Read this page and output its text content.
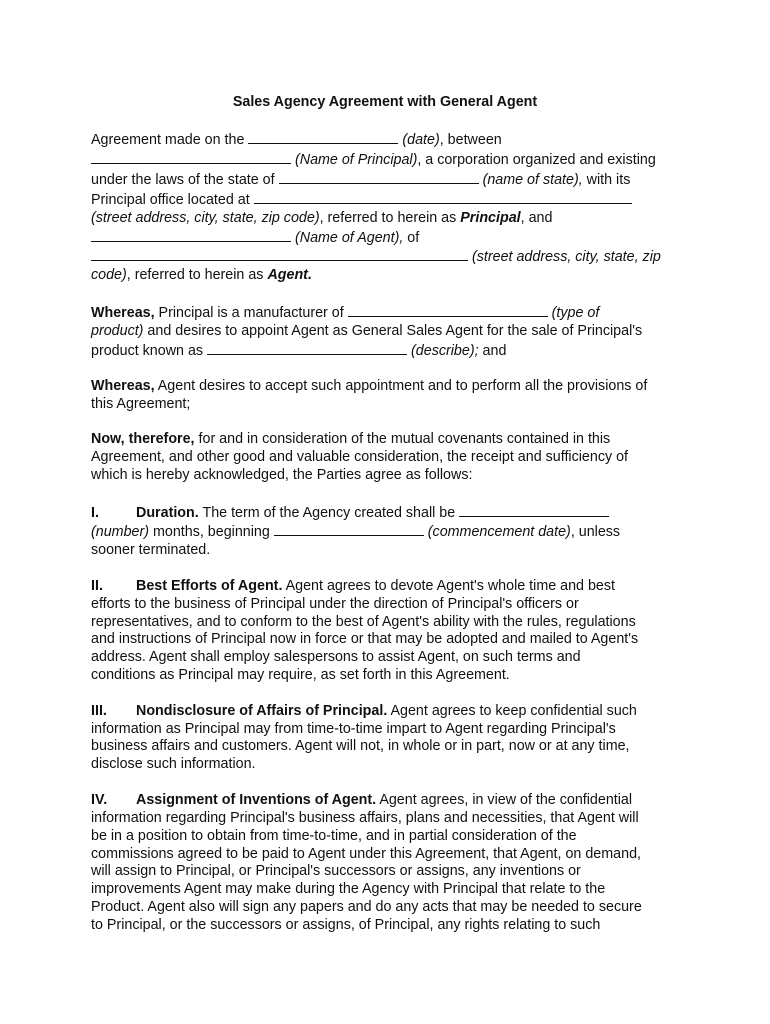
Sales Agency Agreement with General Agent
Agreement made on the	(date), between
(Name of Principal), a corporation organized and existing
under the laws of the state of	(name of state), with its
Principal office located at
(street address, city, state, zip code), referred to herein as Principal, and
(Name of Agent), of
(street address, city, state, zip
code), referred to herein as Agent.
Whereas, Principal is a manufacturer of	(type of
product) and desires to appoint Agent as General Sales Agent for the sale of Principal's
product known as	(describe); and
Whereas, Agent desires to accept such appointment and to perform all the provisions of
this Agreement;
Now, therefore, for and in consideration of the mutual covenants contained in this
Agreement, and other good and valuable consideration, the receipt and sufficiency of
which is hereby acknowledged, the Parties agree as follows:
I.	Duration. The term of the Agency created shall be
(number) months, beginning	(commencement date), unless
sooner terminated.
II. Best Efforts of Agent. Agent agrees to devote Agent's whole time and best
efforts to the business of Principal under the direction of Principal's officers or
representatives, and to conform to the best of Agent's ability with the rules, regulations
and instructions of Principal now in force or that may be adopted and mailed to Agent's
address. Agent shall employ salespersons to assist Agent, on such terms and
conditions as Principal may require, as set forth in this Agreement.
III. Nondisclosure of Affairs of Principal. Agent agrees to keep confidential such
information as Principal may from time-to-time impart to Agent regarding Principal's
business affairs and customers. Agent will not, in whole or in part, now or at any time,
disclose such information.
IV. Assignment of Inventions of Agent. Agent agrees, in view of the confidential
information regarding Principal's business affairs, plans and necessities, that Agent will
be in a position to obtain from time-to-time, and in partial consideration of the
commissions agreed to be paid to Agent under this Agreement, that Agent, on demand,
will assign to Principal, or Principal's successors or assigns, any inventions or
improvements Agent may make during the Agency with Principal that relate to the
Product. Agent also will sign any papers and do any acts that may be needed to secure
to Principal, or the successors or assigns, of Principal, any rights relating to such
